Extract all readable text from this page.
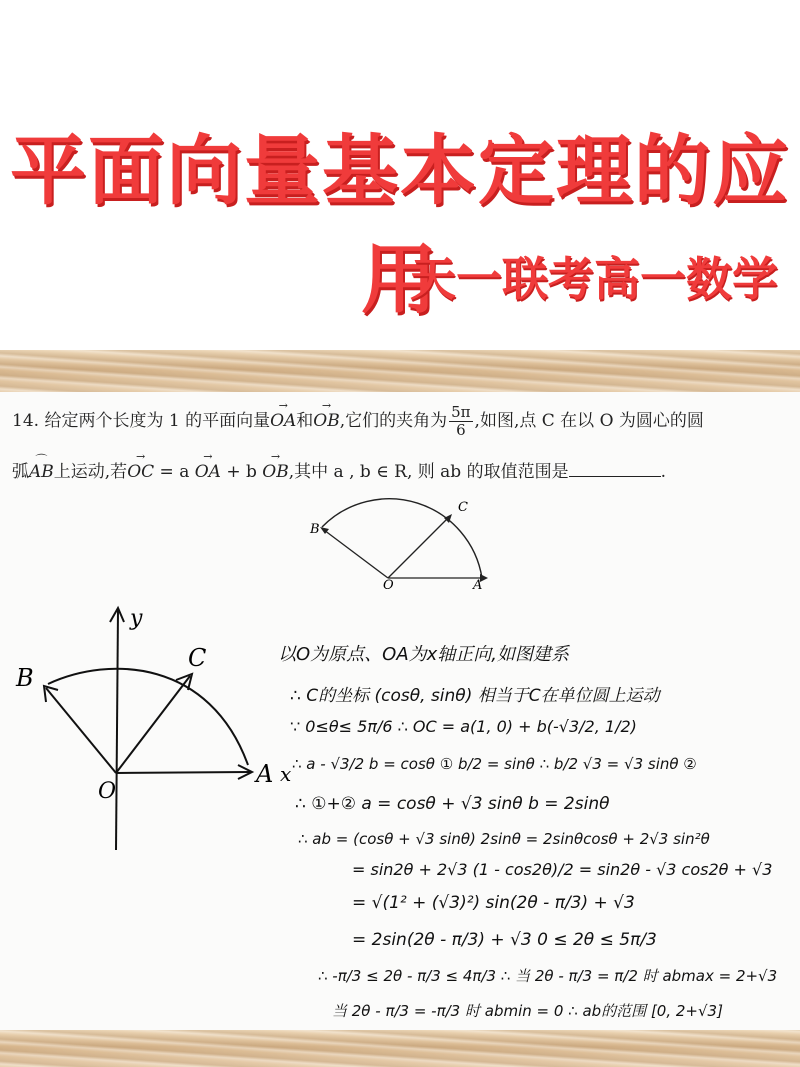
平面向量基本定理的应用
天一联考高一数学
14. 给定两个长度为 1 的平面向量→ OA和→ OB,它们的夹角为 $\frac{5\pi}{6}$ ,如图,点 C 在以 O 为圆心的圆
弧⌒ AB上运动,若→ OC = a → OA + b → OB,其中 a , b ∈ R, 则 ab 的取值范围是	.
B
C
O	A
y
B
C
O
A x
以O为原点、OA为x轴正向,如图建系
∴ C的坐标 (cosθ, sinθ) 相当于C在单位圆上运动
∵ 0≤θ≤ 5π/6 ∴ OC = a(1, 0) + b(-√3/2, 1/2)
∴ a - √3/2 b = cosθ ① b/2 = sinθ ∴ b/2 √3 = √3 sinθ ②
∴ ①+② a = cosθ + √3 sinθ b = 2sinθ
∴ ab = (cosθ + √3 sinθ) 2sinθ = 2sinθcosθ + 2√3 sin²θ
= sin2θ + 2√3 (1 - cos2θ)/2 = sin2θ - √3 cos2θ + √3
= √(1² + (√3)²) sin(2θ - π/3) + √3
= 2sin(2θ - π/3) + √3 0 ≤ 2θ ≤ 5π/3
∴ -π/3 ≤ 2θ - π/3 ≤ 4π/3 ∴ 当 2θ - π/3 = π/2 时 abmax = 2+√3
当 2θ - π/3 = -π/3 时 abmin = 0 ∴ ab的范围 [0, 2+√3]
